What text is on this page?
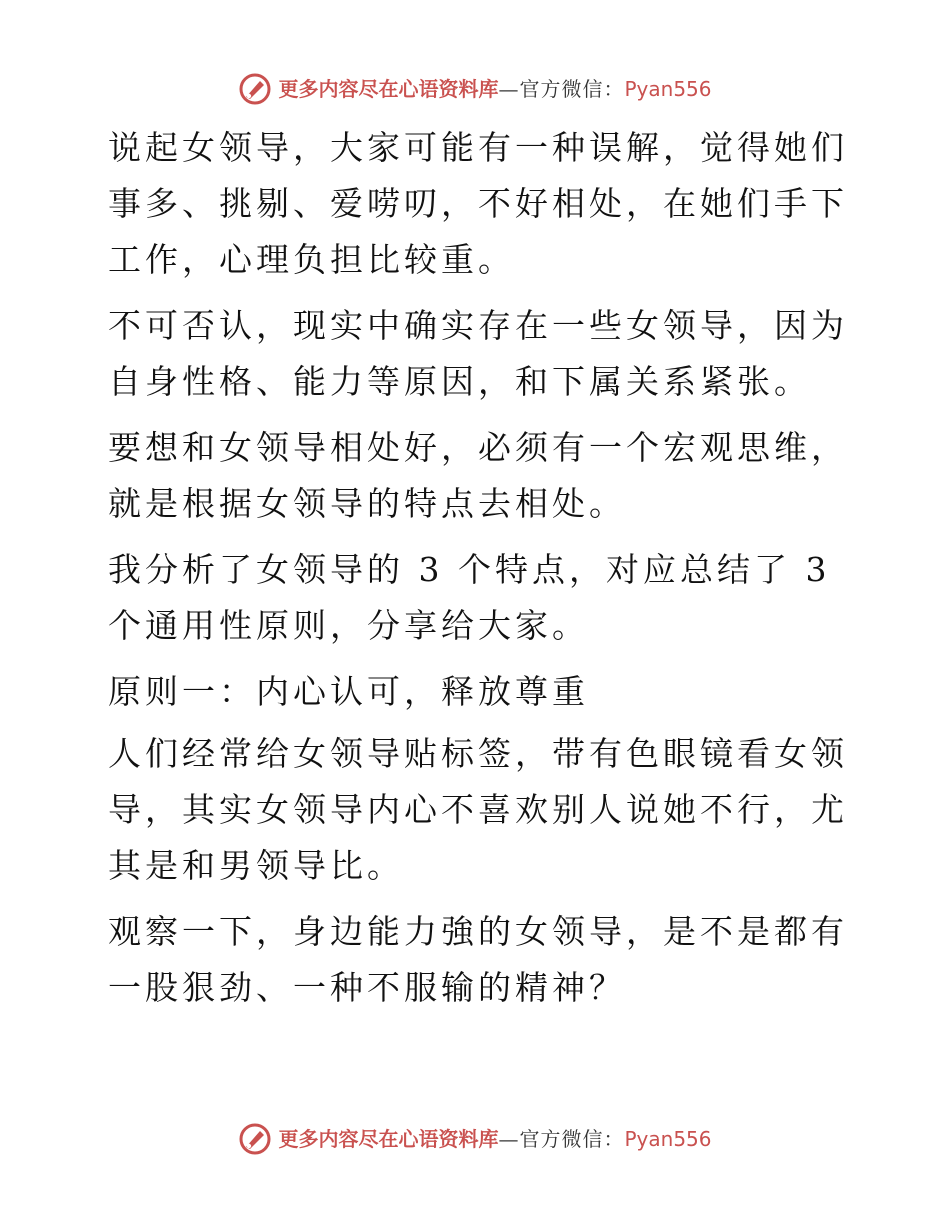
更多内容尽在心语资料库 — 官方微信： Pyan556

说起女领导，大家可能有一种误解，觉得她们事多、挑剔、爱唠叨，不好相处，在她们手下工作，心理负担比较重。

不可否认，现实中确实存在一些女领导，因为自身性格、能力等原因，和下属关系紧张。

要想和女领导相处好，必须有一个宏观思维，就是根据女领导的特点去相处。

我分析了女领导的 3 个特点，对应总结了 3 个通用性原则，分享给大家。

原则一：内心认可，释放尊重

人们经常给女领导贴标签，带有色眼镜看女领导，其实女领导内心不喜欢别人说她不行，尤其是和男领导比。

观察一下，身边能力強的女领导，是不是都有一股狠劲、一种不服输的精神？

更多内容尽在心语资料库 — 官方微信： Pyan556
